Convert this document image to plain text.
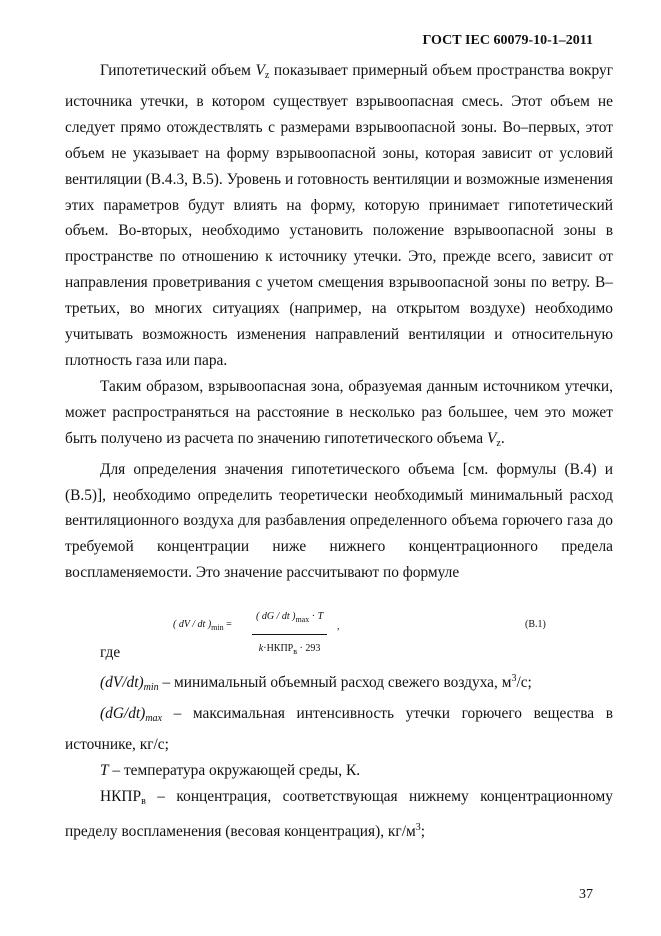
ГОСТ IEC 60079-10-1–2011

Гипотетический объем Vz показывает примерный объем пространства вокруг источника утечки, в котором существует взрывоопасная смесь. Этот объем не следует прямо отождествлять с размерами взрывоопасной зоны. Во–первых, этот объем не указывает на форму взрывоопасной зоны, которая зависит от условий вентиляции (В.4.3, В.5). Уровень и готовность вентиляции и возможные изменения этих параметров будут влиять на форму, которую принимает гипотетический объем. Во-вторых, необходимо установить положение взрывоопасной зоны в пространстве по отношению к источнику утечки. Это, прежде всего, зависит от направления проветривания с учетом смещения взрывоопасной зоны по ветру. В–третьих, во многих ситуациях (например, на открытом воздухе) необходимо учитывать возможность изменения направлений вентиляции и относительную плотность газа или пара.

Таким образом, взрывоопасная зона, образуемая данным источником утечки, может распространяться на расстояние в несколько раз большее, чем это может быть получено из расчета по значению гипотетического объема Vz.

Для определения значения гипотетического объема [см. формулы (В.4) и (В.5)], необходимо определить теоретически необходимый минимальный расход вентиляционного воздуха для разбавления определенного объема горючего газа до требуемой концентрации ниже нижнего концентрационного предела воспламеняемости. Это значение рассчитывают по формуле

( dV / dt )$_{min}$ =
( dG / dt )$_{max} \cdot T$
$k\cdot НКПР_в \cdot 293$
,	(В.1)

где

(dV/dt)min – минимальный объемный расход свежего воздуха, $м^3/с$;

(dG/dt)max – максимальная интенсивность утечки горючего вещества в источнике, кг/с;

T – температура окружающей среды, К.

НКПРв – концентрация, соответствующая нижнему концентрационному пределу воспламенения (весовая концентрация), $кг/м^3$;

37
